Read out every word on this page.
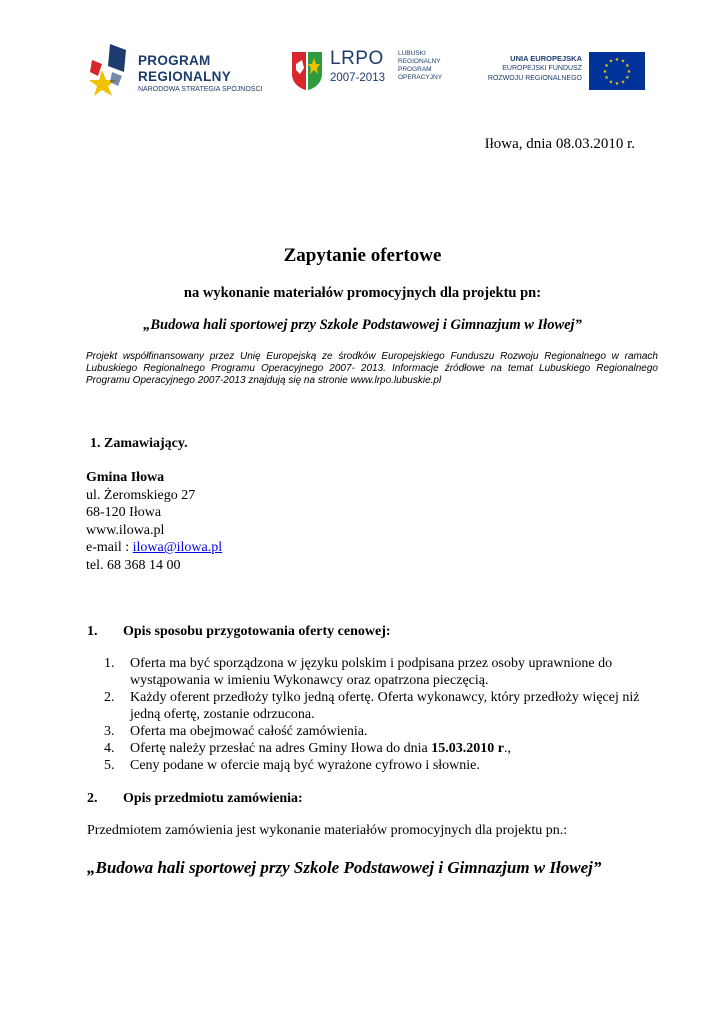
PROGRAM
REGIONALNY
NARODOWA STRATEGIA SPÓJNOŚCI
LRPO
2007-2013
LUBUSKI
REGIONALNY
PROGRAM
OPERACYJNY
UNIA EUROPEJSKA
EUROPEJSKI FUNDUSZ
ROZWOJU REGIONALNEGO
★ ★
★
★
★
★
★
★
★
★
★
★
Iłowa, dnia 08.03.2010 r.
Zapytanie ofertowe
na wykonanie materiałów promocyjnych dla projektu pn:
„Budowa hali sportowej przy Szkole Podstawowej i Gimnazjum w Iłowej”
Projekt współfinansowany przez Unię Europejską ze środków Europejskiego Funduszu Rozwoju Regionalnego w ramach Lubuskiego Regionalnego Programu Operacyjnego 2007- 2013. Informacje źródłowe na temat Lubuskiego Regionalnego Programu Operacyjnego 2007-2013 znajdują się na stronie www.lrpo.lubuskie.pl
1. Zamawiający.
Gmina Iłowa
ul. Żeromskiego 27
68-120 Iłowa
www.ilowa.pl
e-mail : ilowa@ilowa.pl
tel. 68 368 14 00
1. Opis sposobu przygotowania oferty cenowej:
1. Oferta ma być sporządzona w języku polskim i podpisana przez osoby uprawnione do wystąpowania w imieniu Wykonawcy oraz opatrzona pieczęcią.
2. Każdy oferent przedłoży tylko jedną ofertę. Oferta wykonawcy, który przedłoży więcej niż jedną ofertę, zostanie odrzucona.
3. Oferta ma obejmować całość zamówienia.
4. Ofertę należy przesłać na adres Gminy Iłowa do dnia 15.03.2010 r.,
5. Ceny podane w ofercie mają być wyrażone cyfrowo i słownie.
2. Opis przedmiotu zamówienia:
Przedmiotem zamówienia jest wykonanie materiałów promocyjnych dla projektu pn.:
„Budowa hali sportowej przy Szkole Podstawowej i Gimnazjum w Iłowej”
